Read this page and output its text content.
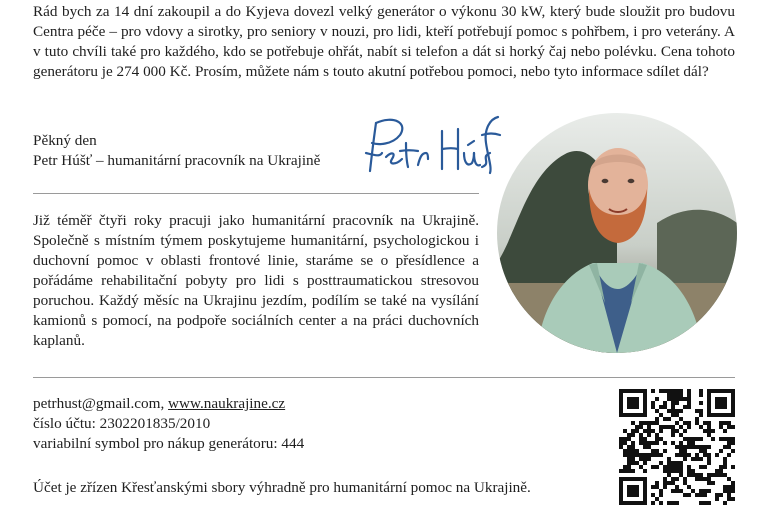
Rád bych za 14 dní zakoupil a do Kyjeva dovezl velký generátor o výkonu 30 kW, který bude sloužit pro budovu Centra péče – pro vdovy a sirotky, pro seniory v nouzi, pro lidi, kteří potřebují pomoc s pohřbem, i pro veterány. A v tuto chvíli také pro každého, kdo se potřebuje ohřát, nabít si telefon a dát si horký čaj nebo polévku. Cena tohoto generátoru je 274 000 Kč. Prosím, můžete nám s touto akutní potřebou pomoci, nebo tyto informace sdílet dál?

Pěkný den
Petr Húšť – humanitární pracovník na Ukrajině

Již téměř čtyři roky pracuji jako humanitární pracovník na Ukrajině. Společně s místním týmem poskytujeme humanitární, psychologickou i duchovní pomoc v oblasti frontové linie, staráme se o přesídlence a pořádáme rehabilitační pobyty pro lidi s posttraumatickou stresovou poruchou. Každý měsíc na Ukrajinu jezdím, podílím se také na vysílání kamionů s pomocí, na podpoře sociálních center a na práci duchovních kaplanů.

petrhust@gmail.com, www.naukrajine.cz
číslo účtu: 2302201835/2010
variabilní symbol pro nákup generátoru: 444
Účet je zřízen Křesťanskými sbory výhradně pro humanitární pomoc na Ukrajině.
